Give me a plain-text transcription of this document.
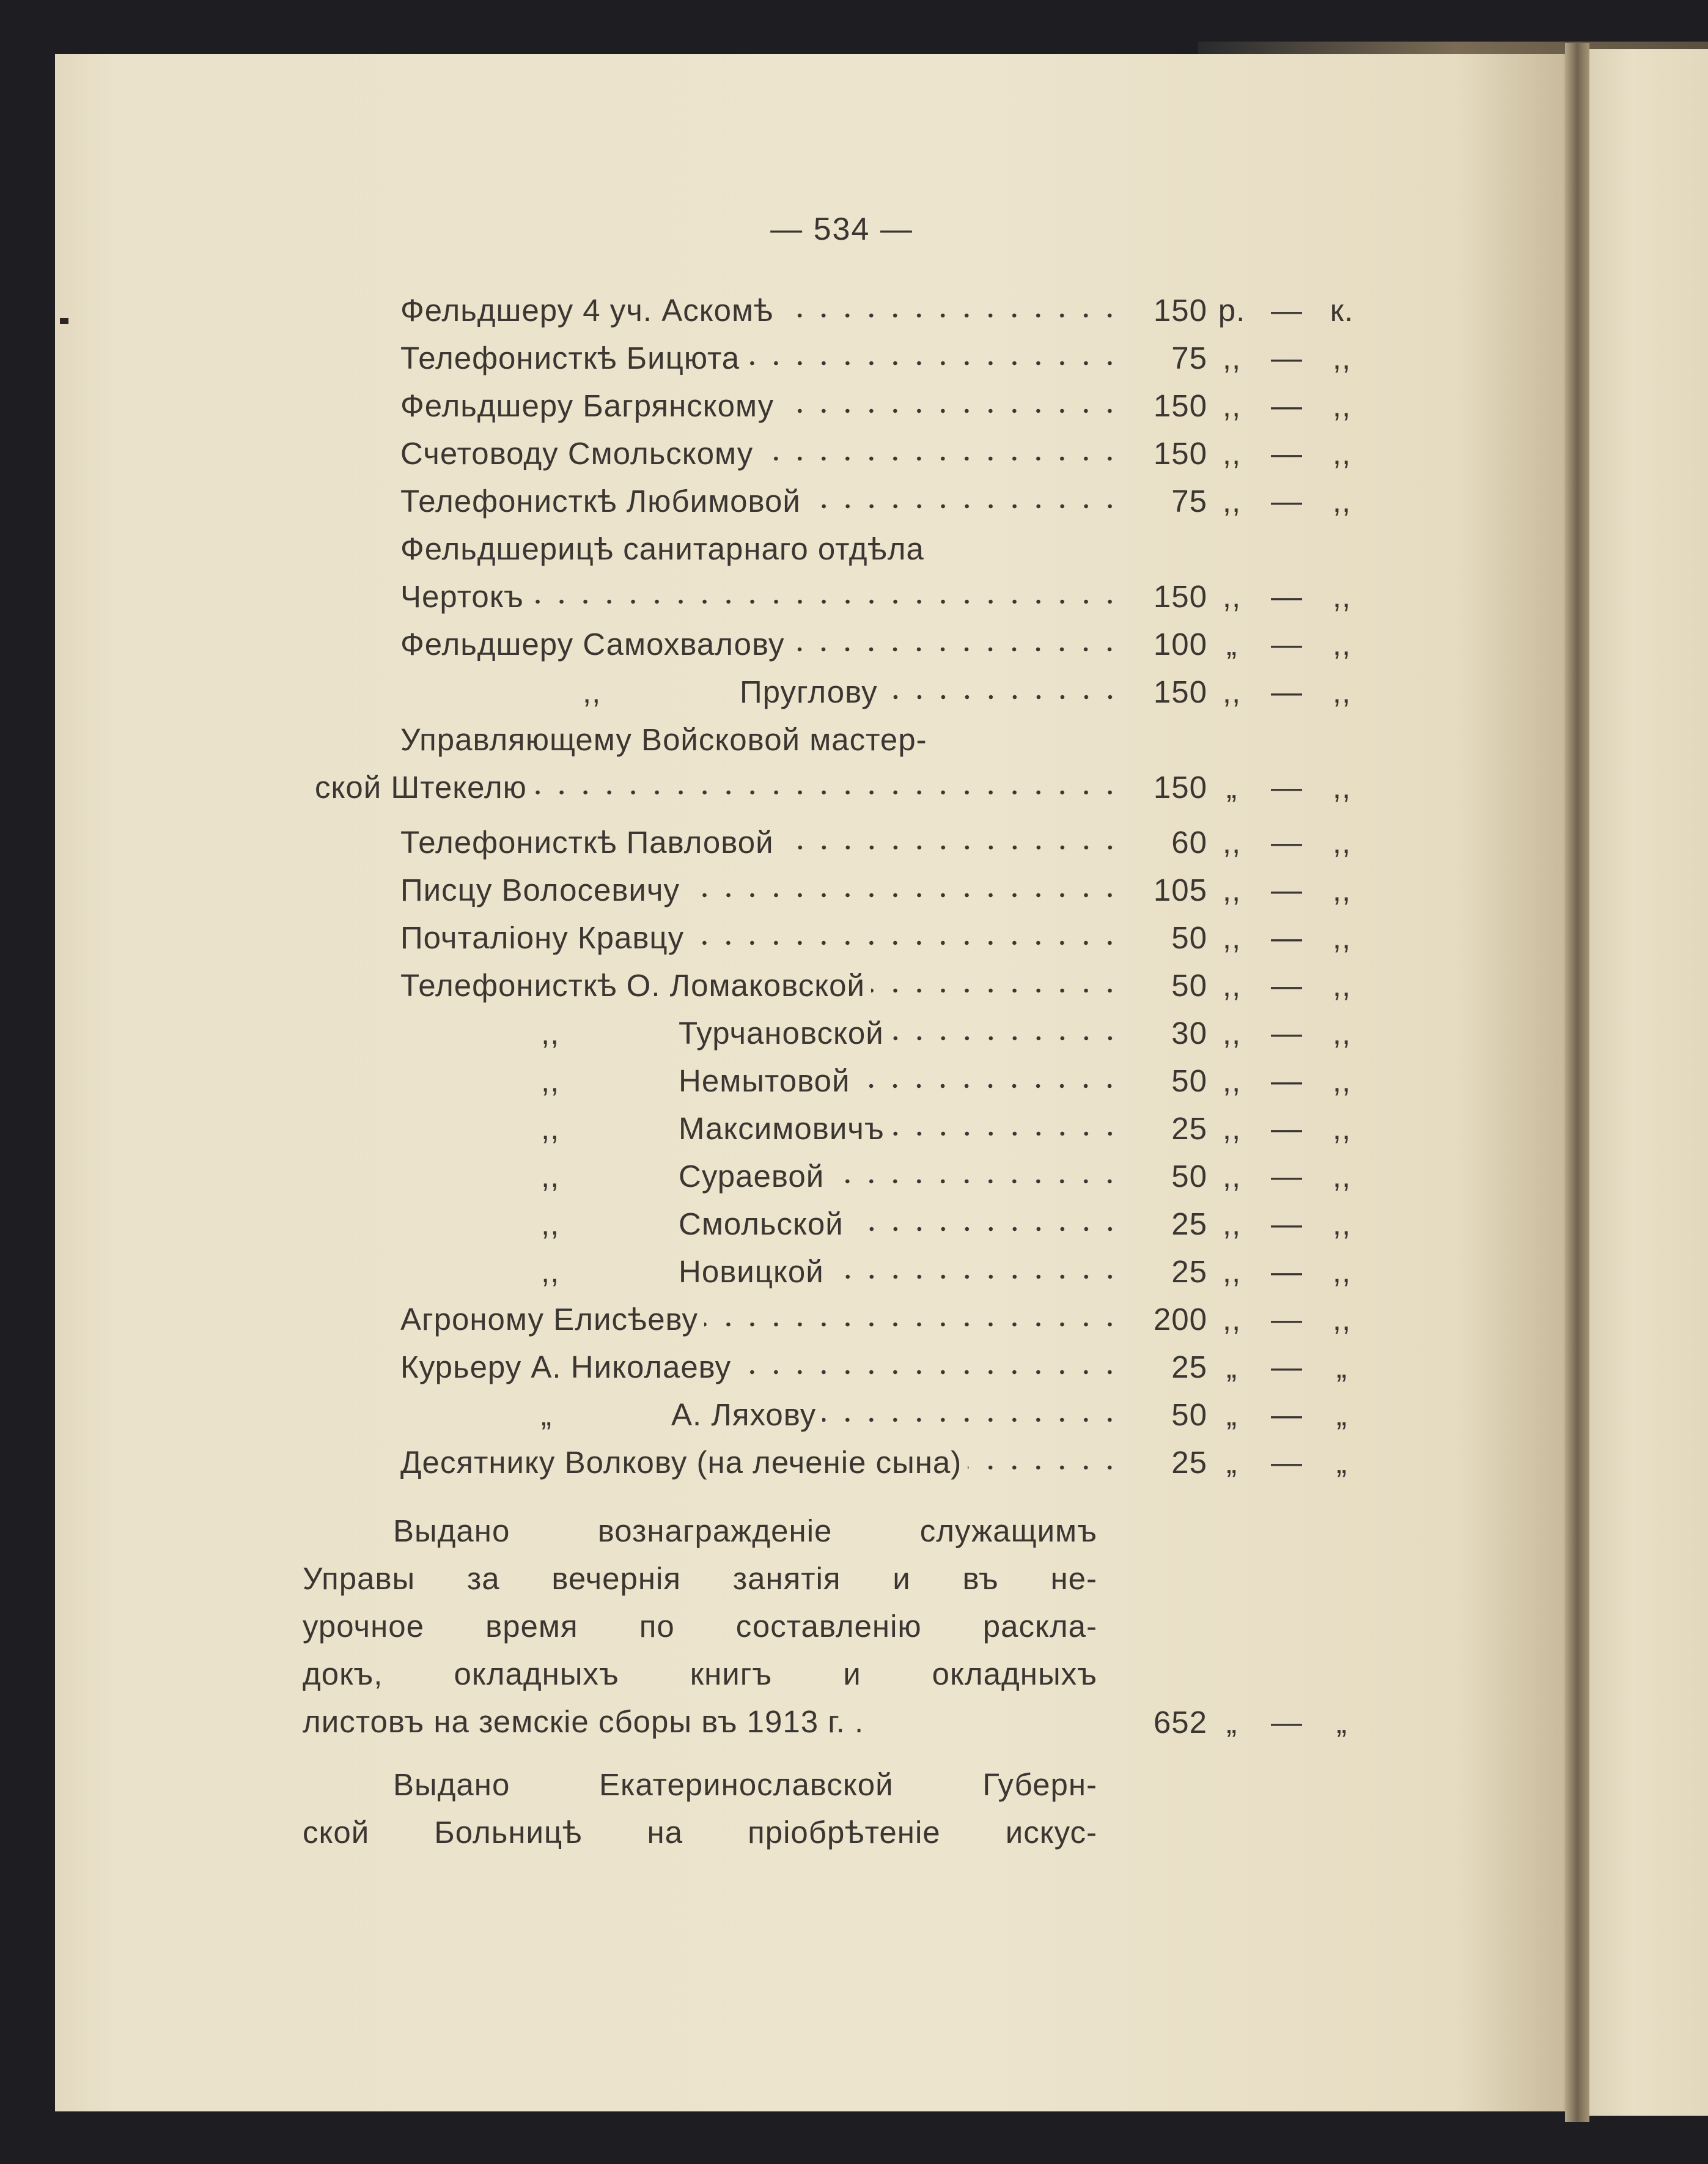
— 534 —
Фельдшеру 4 уч. Аскомѣ	150 р. — к.
Телефонисткѣ Бицюта	75 ,, — ,,
Фельдшеру Багрянскому	150 ,, — ,,
Счетоводу Смольскому	150 ,, — ,,
Телефонисткѣ Любимовой	75 ,, — ,,
Фельдшерицѣ санитарнаго отдѣла
Чертокъ	150 ,, — ,,
Фельдшеру Самохвалову	100 „	— ,,
,,	Пруглову	150 ,, — ,,
Управляющему Войсковой мастер-
ской Штекелю	150 „	— ,,
Телефонисткѣ Павловой	60 ,, — ,,
Писцу Волосевичу	105 ,, — ,,
Почталіону Кравцу	50 ,, — ,,
Телефонисткѣ О. Ломаковской	50 ,, — ,,
,,	Турчановской	30 ,, — ,,
,,	Немытовой	50 ,, — ,,
,,	Максимовичъ	25 ,, — ,,
,,	Сураевой	50 ,, — ,,
,,	Смольской	25 ,, — ,,
,,	Новицкой	25 ,, — ,,
Агроному Елисѣеву	200 ,, — ,,
Курьеру А. Николаеву	25 „	—	„
„	А. Ляхову	50 „	—	„
Десятнику Волкову (на леченіе сына)	25 „	—	„
Выдано вознагражденіе служащимъ
Управы за вечернія занятія и въ не-
урочное время по составленію раскла-
докъ, окладныхъ книгъ и окладныхъ
листовъ на земскіе сборы въ 1913 г. .	652 „	—	„
Выдано Екатеринославской Губерн-
ской Больницѣ на пріобрѣтеніе искус-
